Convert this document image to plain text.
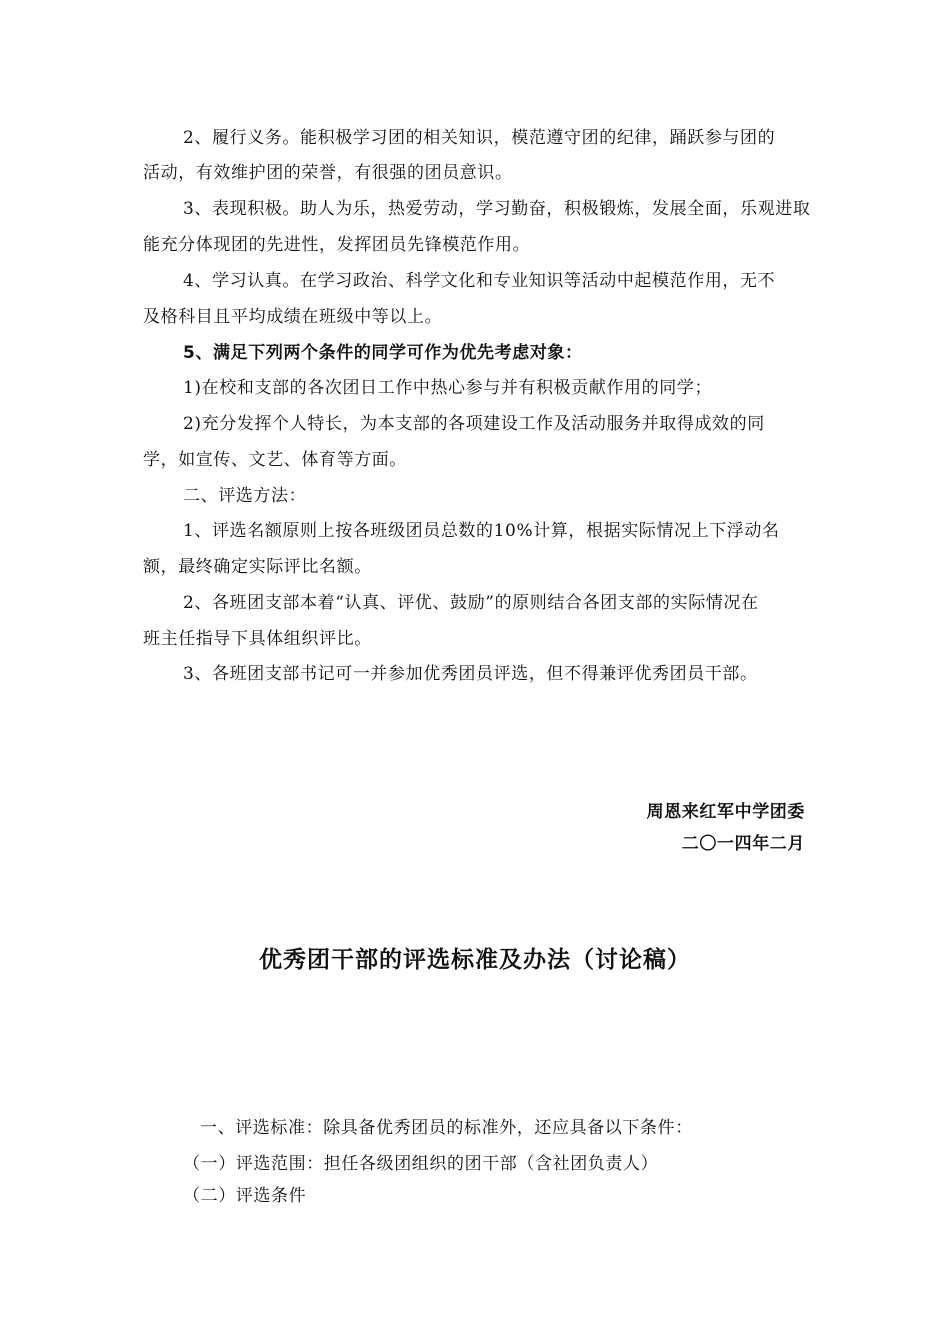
2、履行义务。能积极学习团的相关知识，模范遵守团的纪律，踊跃参与团的
活动，有效维护团的荣誉，有很强的团员意识。
3、表现积极。助人为乐，热爱劳动，学习勤奋，积极锻炼，发展全面，乐观进取
能充分体现团的先进性，发挥团员先锋模范作用。
4、学习认真。在学习政治、科学文化和专业知识等活动中起模范作用，无不
及格科目且平均成绩在班级中等以上。
5、满足下列两个条件的同学可作为优先考虑对象：
1)在校和支部的各次团日工作中热心参与并有积极贡献作用的同学；
2)充分发挥个人特长，为本支部的各项建设工作及活动服务并取得成效的同
学，如宣传、文艺、体育等方面。
二、评选方法：
1、评选名额原则上按各班级团员总数的10%计算，根据实际情况上下浮动名
额，最终确定实际评比名额。
2、各班团支部本着“认真、评优、鼓励”的原则结合各团支部的实际情况在
班主任指导下具体组织评比。
3、各班团支部书记可一并参加优秀团员评选，但不得兼评优秀团员干部。
周恩来红军中学团委
二〇一四年二月
优秀团干部的评选标准及办法（讨论稿）
一、评选标准：除具备优秀团员的标准外，还应具备以下条件：
（一）评选范围：担任各级团组织的团干部（含社团负责人）
（二）评选条件
